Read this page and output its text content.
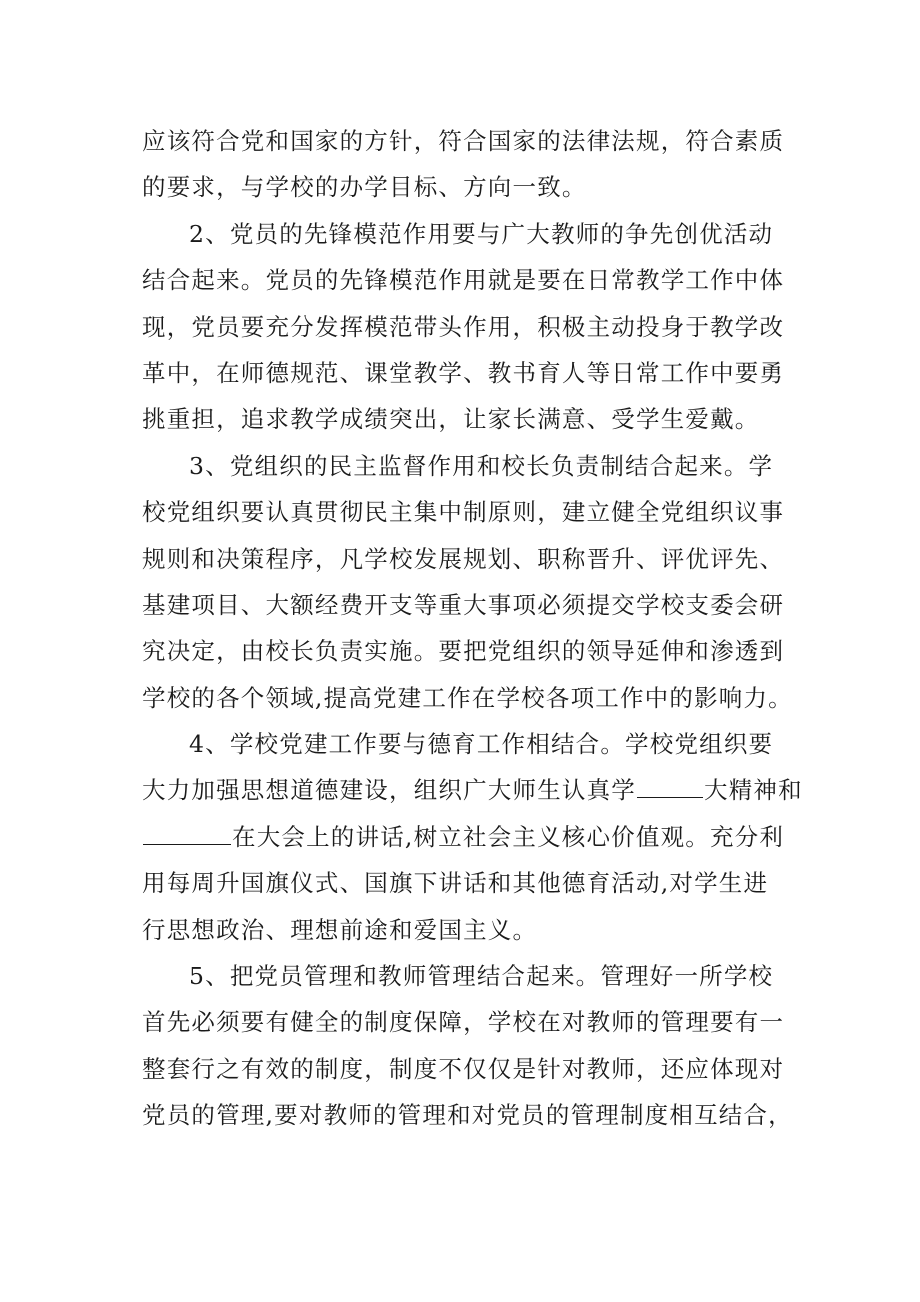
应该符合党和国家的方针，符合国家的法律法规，符合素质
的要求，与学校的办学目标、方向一致。
2、党员的先锋模范作用要与广大教师的争先创优活动
结合起来。党员的先锋模范作用就是要在日常教学工作中体
现，党员要充分发挥模范带头作用，积极主动投身于教学改
革中，在师德规范、课堂教学、教书育人等日常工作中要勇
挑重担，追求教学成绩突出，让家长满意、受学生爱戴。
3、党组织的民主监督作用和校长负责制结合起来。学
校党组织要认真贯彻民主集中制原则，建立健全党组织议事
规则和决策程序，凡学校发展规划、职称晋升、评优评先、
基建项目、大额经费开支等重大事项必须提交学校支委会研
究决定，由校长负责实施。要把党组织的领导延伸和渗透到
学校的各个领域,提高党建工作在学校各项工作中的影响力。
4、学校党建工作要与德育工作相结合。学校党组织要
大力加强思想道德建设，组织广大师生认真学	大精神和
在大会上的讲话,树立社会主义核心价值观。充分利
用每周升国旗仪式、国旗下讲话和其他德育活动,对学生进
行思想政治、理想前途和爱国主义。
5、把党员管理和教师管理结合起来。管理好一所学校
首先必须要有健全的制度保障，学校在对教师的管理要有一
整套行之有效的制度，制度不仅仅是针对教师，还应体现对
党员的管理,要对教师的管理和对党员的管理制度相互结合，
